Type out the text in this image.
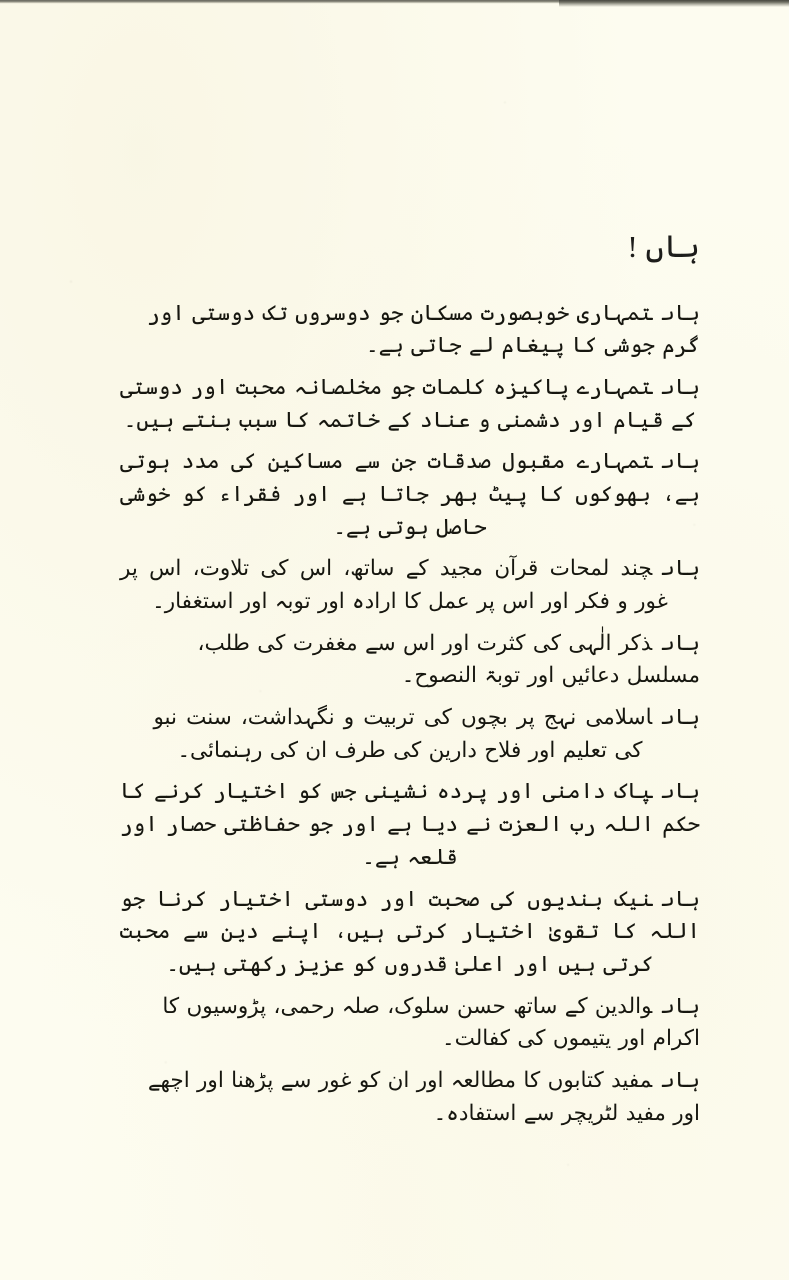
ہاں !

ہاںتمہاری خوبصورت مسکان جو دوسروں تک دوستی اور گرم جوشی کا پیغام لے جاتی ہے۔

ہاںتمہارے پاکیزہ کلمات جو مخلصانہ محبت اور دوستی کے قیام اور دشمنی و عناد کے خاتمہ کا سبب بنتے ہیں۔

ہاںتمہارے مقبول صدقات جن سے مساکین کی مدد ہوتی ہے، بھوکوں کا پیٹ بھر جاتا ہے اور فقراء کو خوشی حاصل ہوتی ہے۔

ہاںچند لمحات قرآن مجید کے ساتھ، اس کی تلاوت، اس پر غور و فکر اور اس پر عمل کا ارادہ اور توبہ اور استغفار۔

ہاںذکر الٰہی کی کثرت اور اس سے مغفرت کی طلب، مسلسل دعائیں اور توبۃ النصوح۔

ہاںاسلامی نہج پر بچوں کی تربیت و نگہداشت، سنت نبویؐ کی تعلیم اور فلاح دارین کی طرف ان کی رہنمائی۔

ہاںپاک دامنی اور پردہ نشینی جس کو اختیار کرنے کا حکم اللہ رب العزت نے دیا ہے اور جو حفاظتی حصار اور قلعہ ہے۔

ہاںنیک بندیوں کی صحبت اور دوستی اختیار کرنا جو اللہ کا تقویٰ اختیار کرتی ہیں، اپنے دین سے محبت کرتی ہیں اور اعلیٰ قدروں کو عزیز رکھتی ہیں۔

ہاںوالدین کے ساتھ حسن سلوک، صلہ رحمی، پڑوسیوں کا اکرام اور یتیموں کی کفالت۔

ہاںمفید کتابوں کا مطالعہ اور ان کو غور سے پڑھنا اور اچھے اور مفید لٹریچر سے استفادہ۔
